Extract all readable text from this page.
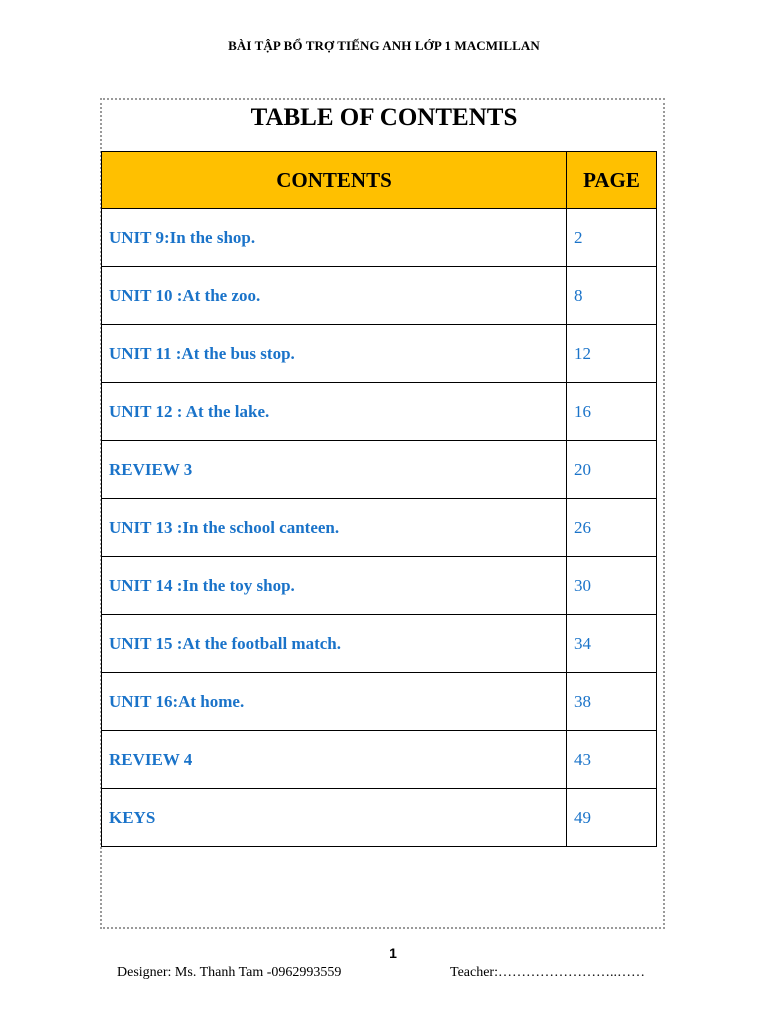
BÀI TẬP BỔ TRỢ TIẾNG ANH LỚP 1 MACMILLAN
TABLE OF CONTENTS
CONTENTS	PAGE
UNIT 9:In the shop.	2
UNIT 10 :At the zoo.	8
UNIT 11 :At the bus stop.	12
UNIT 12 : At the lake.	16
REVIEW 3	20
UNIT 13 :In the school canteen.	26
UNIT 14 :In the toy shop.	30
UNIT 15 :At the football match.	34
UNIT 16:At home.	38
REVIEW 4	43
KEYS	49
1
Designer: Ms. Thanh Tam -0962993559	Teacher:……………………..……
